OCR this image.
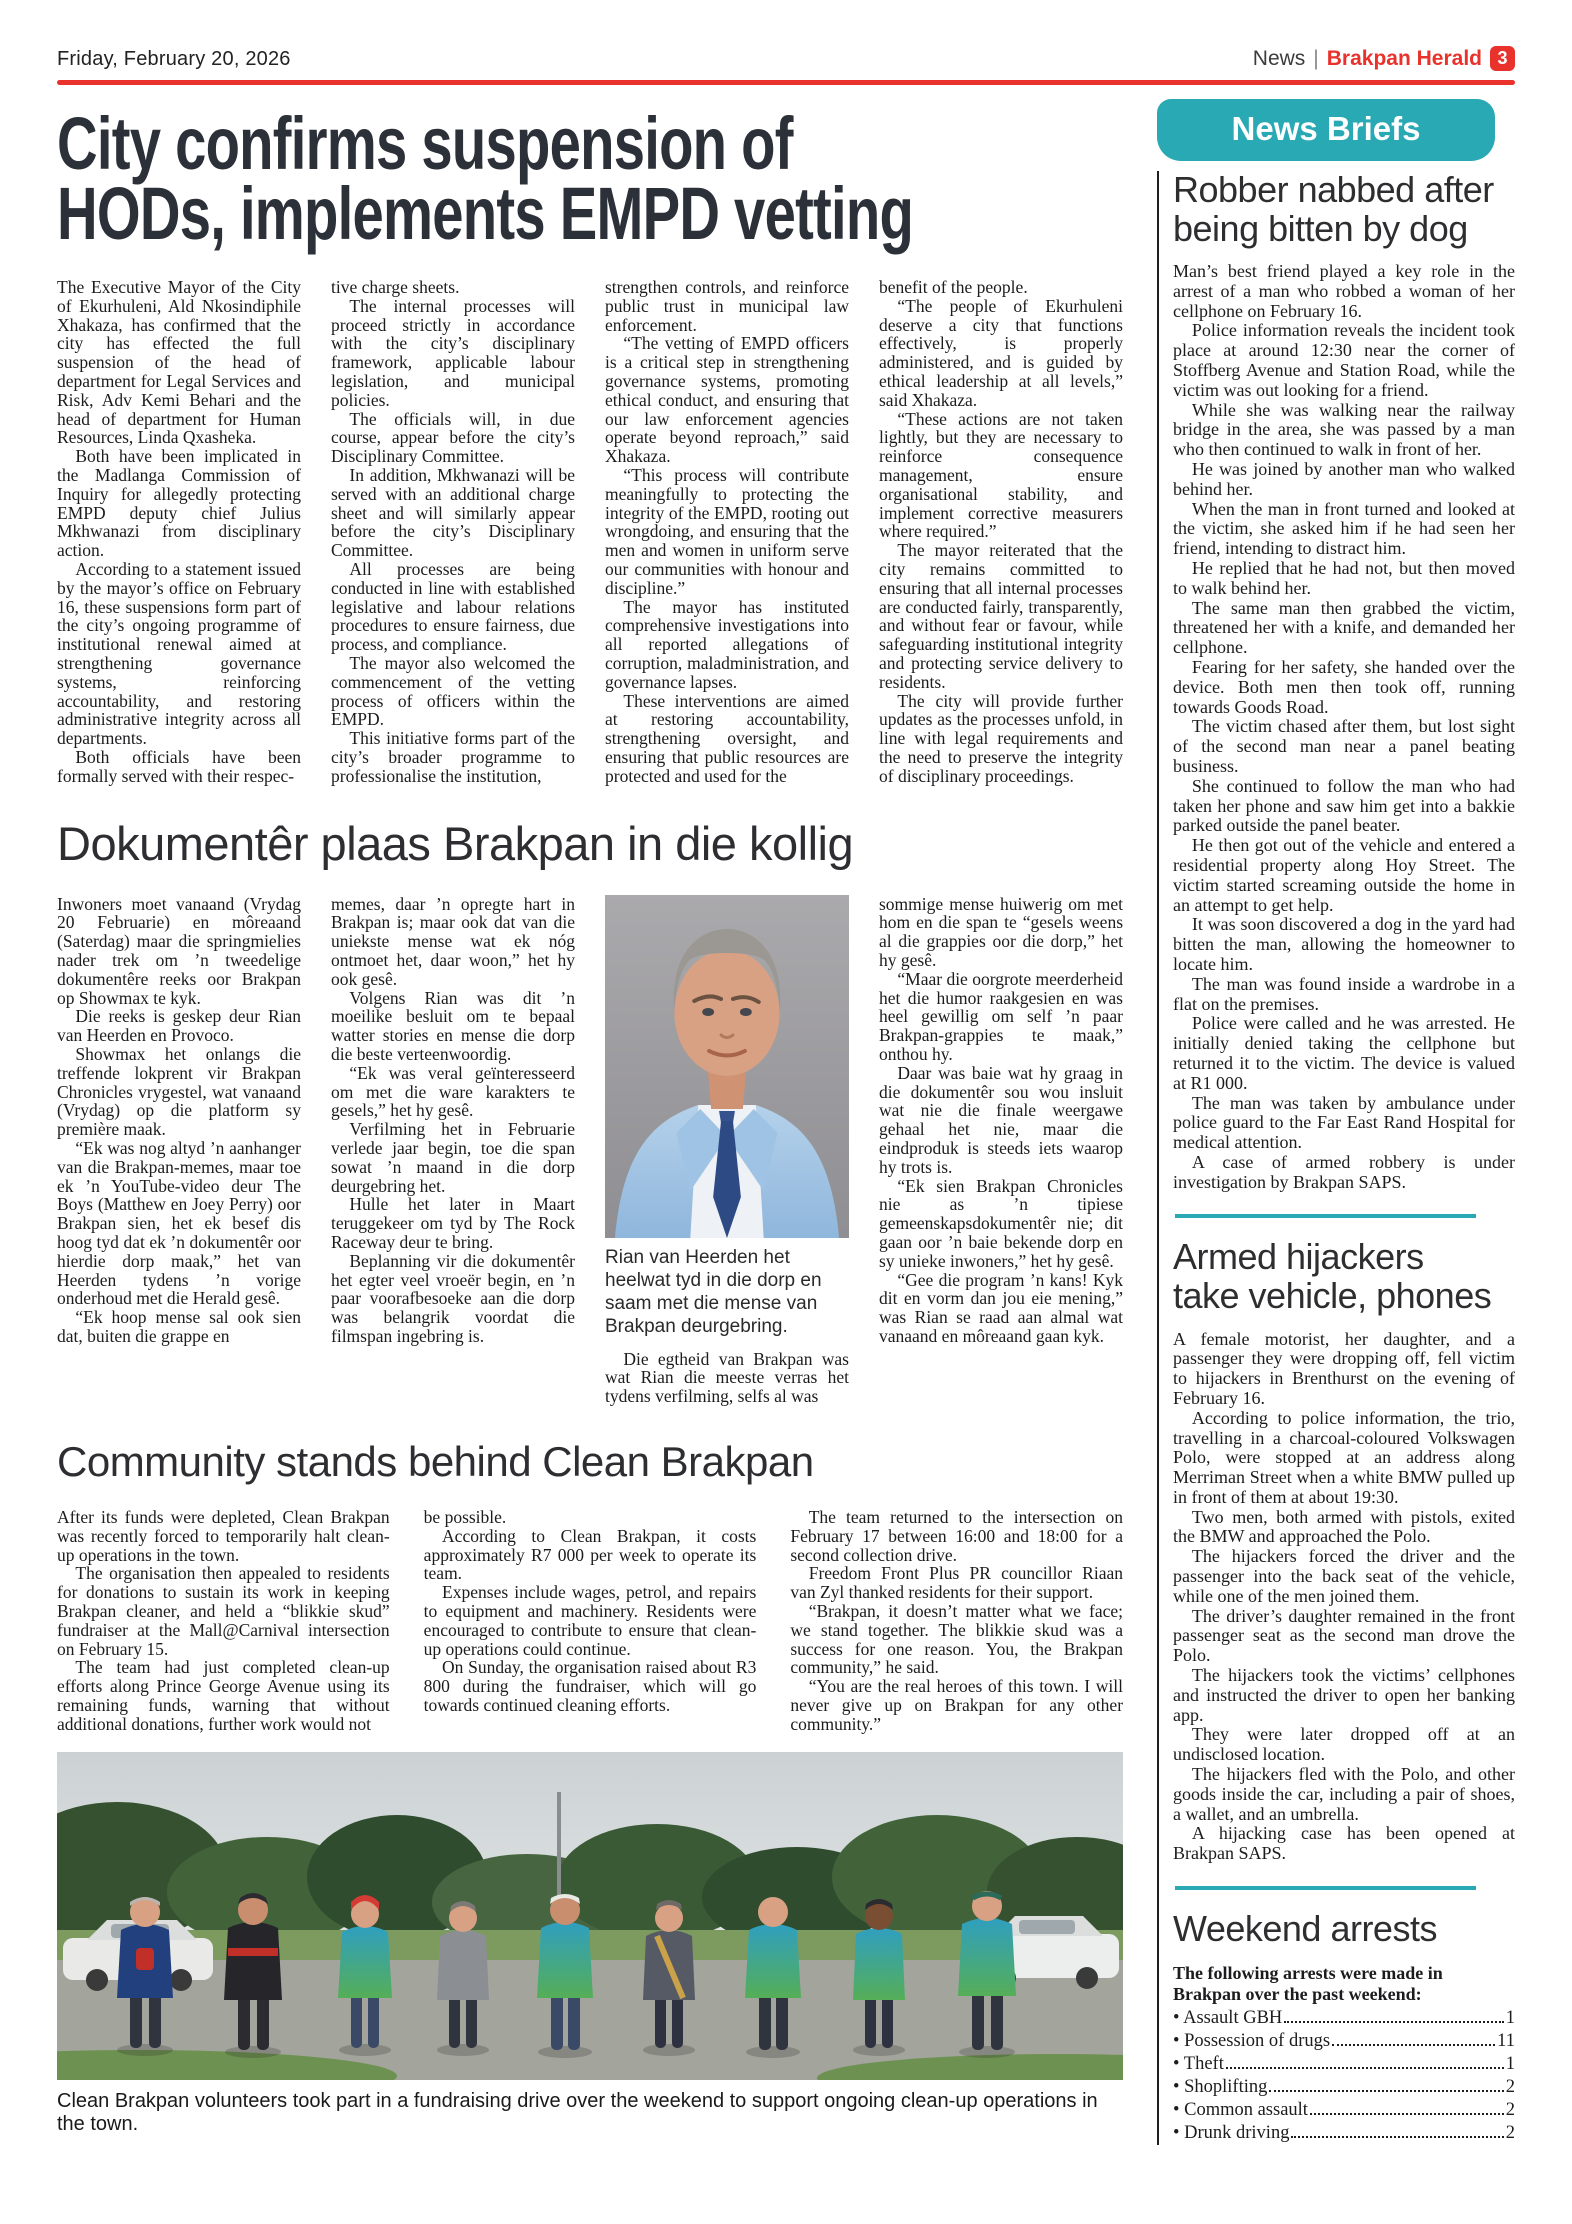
Friday, February 20, 2026	News | Brakpan Herald 3
City confirms suspension of
HODs, implements EMPD vetting

The Executive Mayor of the City of Ekurhuleni, Ald Nkosindiphile Xhakaza, has confirmed that the city has effected the full suspension of the head of department for Legal Services and Risk, Adv Kemi Behari and the head of department for Human Resources, Linda Qxasheka.

Both have been implicated in the Madlanga Commission of Inquiry for allegedly protecting EMPD deputy chief Julius Mkhwanazi from disciplinary action.

According to a statement issued by the mayor’s office on February 16, these suspensions form part of the city’s ongoing programme of institutional renewal aimed at strengthening governance systems, reinforcing accountability, and restoring administrative integrity across all departments.

Both officials have been formally served with their respec-

tive charge sheets.

The internal processes will proceed strictly in accordance with the city’s disciplinary framework, applicable labour legislation, and municipal policies.

The officials will, in due course, appear before the city’s Disciplinary Committee.

In addition, Mkhwanazi will be served with an additional charge sheet and will similarly appear before the city’s Disciplinary Committee.

All processes are being conducted in line with established legislative and labour relations procedures to ensure fairness, due process, and compliance.

The mayor also welcomed the commencement of the vetting process of officers within the EMPD.

This initiative forms part of the city’s broader programme to professionalise the institution,

strengthen controls, and reinforce public trust in municipal law enforcement.

“The vetting of EMPD officers is a critical step in strengthening governance systems, promoting ethical conduct, and ensuring that our law enforcement agencies operate beyond reproach,” said Xhakaza.

“This process will contribute meaningfully to protecting the integrity of the EMPD, rooting out wrongdoing, and ensuring that the men and women in uniform serve our communities with honour and discipline.”

The mayor has instituted comprehensive investigations into all reported allegations of corruption, maladministration, and governance lapses.

These interventions are aimed at restoring accountability, strengthening oversight, and ensuring that public resources are protected and used for the

benefit of the people.

“The people of Ekurhuleni deserve a city that functions effectively, is properly administered, and is guided by ethical leadership at all levels,” said Xhakaza.

“These actions are not taken lightly, but they are necessary to reinforce consequence management, ensure organisational stability, and implement corrective measurers where required.”

The mayor reiterated that the city remains committed to ensuring that all internal processes are conducted fairly, transparently, and without fear or favour, while safeguarding institutional integrity and protecting service delivery to residents.

The city will provide further updates as the processes unfold, in line with legal requirements and the need to preserve the integrity of disciplinary proceedings.

Dokumentêr plaas Brakpan in die kollig

Inwoners moet vanaand (Vrydag 20 Februarie) en môreaand (Saterdag) maar die springmielies nader trek om ’n tweedelige dokumentêre reeks oor Brakpan op Showmax te kyk.

Die reeks is geskep deur Rian van Heerden en Provoco.

Showmax het onlangs die treffende lokprent vir Brakpan Chronicles vrygestel, wat vanaand (Vrydag) op die platform sy première maak.

“Ek was nog altyd ’n aanhanger van die Brakpan-memes, maar toe ek ’n YouTube-video deur The Boys (Matthew en Joey Perry) oor Brakpan sien, het ek besef dis hoog tyd dat ek ’n dokumentêr oor hierdie dorp maak,” het van Heerden tydens ’n vorige onderhoud met die Herald gesê.

“Ek hoop mense sal ook sien dat, buiten die grappe en

memes, daar ’n opregte hart in Brakpan is; maar ook dat van die uniekste mense wat ek nóg ontmoet het, daar woon,” het hy ook gesê.

Volgens Rian was dit ’n moeilike besluit om te bepaal watter stories en mense die dorp die beste verteenwoordig.

“Ek was veral geïnteresseerd om met die ware karakters te gesels,” het hy gesê.

Verfilming het in Februarie verlede jaar begin, toe die span sowat ’n maand in die dorp deurgebring het.

Hulle het later in Maart teruggekeer om tyd by The Rock Raceway deur te bring.

Beplanning vir die dokumentêr het egter veel vroeër begin, en ’n paar voorafbesoeke aan die dorp was belangrik voordat die filmspan ingebring is.

Rian van Heerden het heelwat tyd in die dorp en saam met die mense van Brakpan deurgebring.

Die egtheid van Brakpan was wat Rian die meeste verras het tydens verfilming, selfs al was

sommige mense huiwerig om met hom en die span te “gesels weens al die grappies oor die dorp,” het hy gesê.

“Maar die oorgrote meerderheid het die humor raakgesien en was heel gewillig om self ’n paar Brakpan-grappies te maak,” onthou hy.

Daar was baie wat hy graag in die dokumentêr sou wou insluit wat nie die finale weergawe gehaal het nie, maar die eindproduk is steeds iets waarop hy trots is.

“Ek sien Brakpan Chronicles nie as ’n tipiese gemeenskapsdokumentêr nie; dit gaan oor ’n baie bekende dorp en sy unieke inwoners,” het hy gesê.

“Gee die program ’n kans! Kyk dit en vorm dan jou eie mening,” was Rian se raad aan almal wat vanaand en môreaand gaan kyk.

Community stands behind Clean Brakpan

After its funds were depleted, Clean Brakpan was recently forced to temporarily halt clean-up operations in the town.

The organisation then appealed to residents for donations to sustain its work in keeping Brakpan cleaner, and held a “blikkie skud” fundraiser at the Mall@Carnival intersection on February 15.

The team had just completed clean-up efforts along Prince George Avenue using its remaining funds, warning that without additional donations, further work would not

be possible.

According to Clean Brakpan, it costs approximately R7 000 per week to operate its team.

Expenses include wages, petrol, and repairs to equipment and machinery. Residents were encouraged to contribute to ensure that clean-up operations could continue.

On Sunday, the organisation raised about R3 800 during the fundraiser, which will go towards continued cleaning efforts.

The team returned to the intersection on February 17 between 16:00 and 18:00 for a second collection drive.

Freedom Front Plus PR councillor Riaan van Zyl thanked residents for their support.

“Brakpan, it doesn’t matter what we face; we stand together. The blikkie skud was a success for one reason. You, the Brakpan community,” he said.

“You are the real heroes of this town. I will never give up on Brakpan for any other community.”

Clean Brakpan volunteers took part in a fundraising drive over the weekend to support ongoing clean-up operations in the town.
News Briefs
Robber nabbed after
being bitten by dog

Man’s best friend played a key role in the arrest of a man who robbed a woman of her cellphone on February 16.

Police information reveals the incident took place at around 12:30 near the corner of Stoffberg Avenue and Station Road, while the victim was out looking for a friend.

While she was walking near the railway bridge in the area, she was passed by a man who then continued to walk in front of her.

He was joined by another man who walked behind her.

When the man in front turned and looked at the victim, she asked him if he had seen her friend, intending to distract him.

He replied that he had not, but then moved to walk behind her.

The same man then grabbed the victim, threatened her with a knife, and demanded her cellphone.

Fearing for her safety, she handed over the device. Both men then took off, running towards Goods Road.

The victim chased after them, but lost sight of the second man near a panel beating business.

She continued to follow the man who had taken her phone and saw him get into a bakkie parked outside the panel beater.

He then got out of the vehicle and entered a residential property along Hoy Street. The victim started screaming outside the home in an attempt to get help.

It was soon discovered a dog in the yard had bitten the man, allowing the homeowner to locate him.

The man was found inside a wardrobe in a flat on the premises.

Police were called and he was arrested. He initially denied taking the cellphone but returned it to the victim. The device is valued at R1 000.

The man was taken by ambulance under police guard to the Far East Rand Hospital for medical attention.

A case of armed robbery is under investigation by Brakpan SAPS.

Armed hijackers
take vehicle, phones

A female motorist, her daughter, and a passenger they were dropping off, fell victim to hijackers in Brenthurst on the evening of February 16.

According to police information, the trio, travelling in a charcoal-coloured Volkswagen Polo, were stopped at an address along Merriman Street when a white BMW pulled up in front of them at about 19:30.

Two men, both armed with pistols, exited the BMW and approached the Polo.

The hijackers forced the driver and the passenger into the back seat of the vehicle, while one of the men joined them.

The driver’s daughter remained in the front passenger seat as the second man drove the Polo.

The hijackers took the victims’ cellphones and instructed the driver to open her banking app.

They were later dropped off at an undisclosed location.

The hijackers fled with the Polo, and other goods inside the car, including a pair of shoes, a wallet, and an umbrella.

A hijacking case has been opened at Brakpan SAPS.

Weekend arrests

The following arrests were made in Brakpan over the past weekend:

• Assault GBH	1

• Possession of drugs	11

• Theft	1

• Shoplifting	2

• Common assault	2

• Drunk driving	2
